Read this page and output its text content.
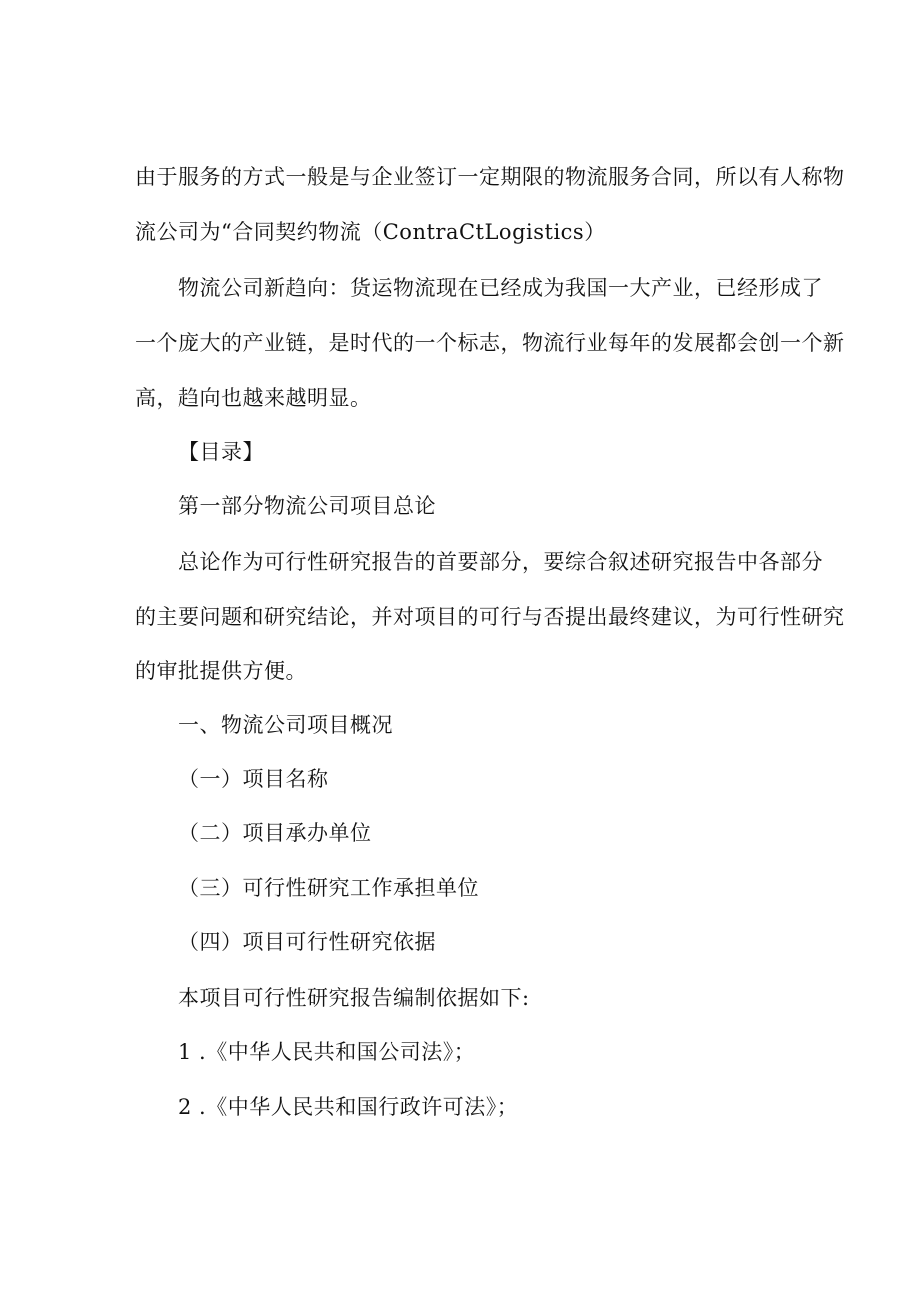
由于服务的方式一般是与企业签订一定期限的物流服务合同，所以有人称物
流公司为“合同契约物流（ContraCtLogistics）
物流公司新趋向：货运物流现在已经成为我国一大产业，已经形成了
一个庞大的产业链，是时代的一个标志，物流行业每年的发展都会创一个新
高，趋向也越来越明显。
【目录】
第一部分物流公司项目总论
总论作为可行性研究报告的首要部分，要综合叙述研究报告中各部分
的主要问题和研究结论，并对项目的可行与否提出最终建议，为可行性研究
的审批提供方便。
一、物流公司项目概况
（一）项目名称
（二）项目承办单位
（三）可行性研究工作承担单位
（四）项目可行性研究依据
本项目可行性研究报告编制依据如下:
1 .《中华人民共和国公司法》；
2 .《中华人民共和国行政许可法》；
